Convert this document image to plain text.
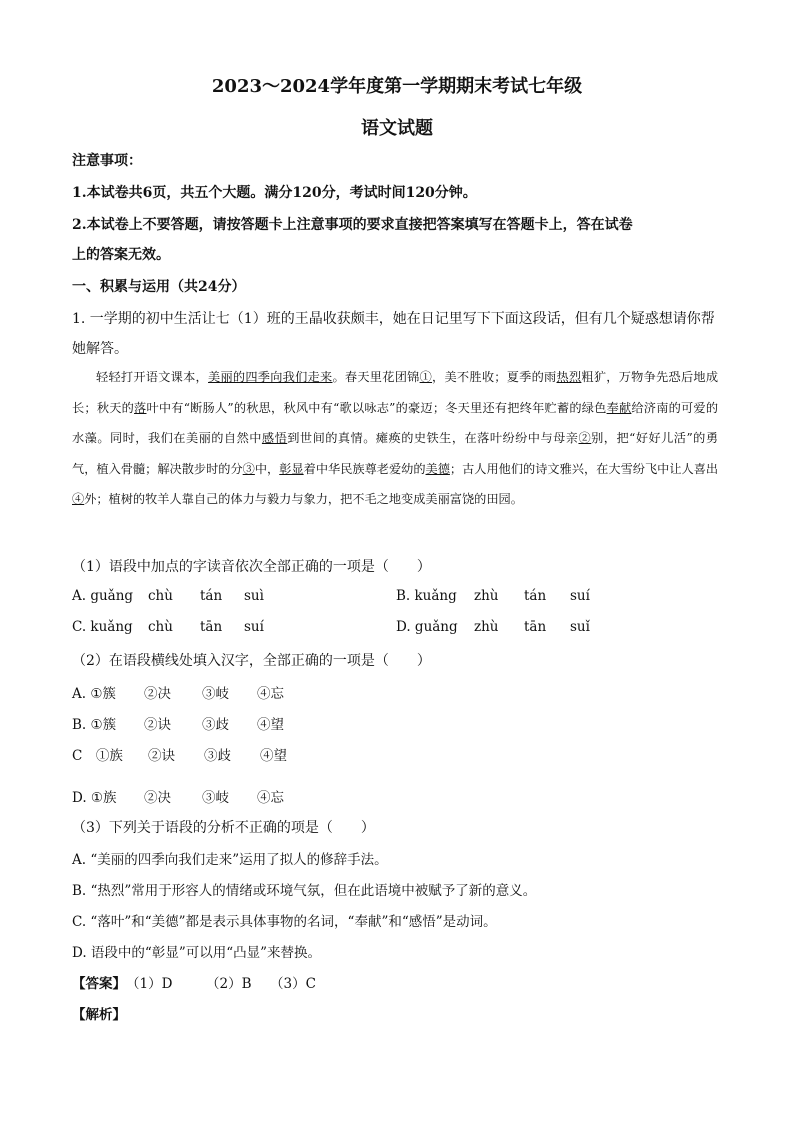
2023～2024学年度第一学期期末考试七年级
语文试题
注意事项：
1.本试卷共6页，共五个大题。满分120分，考试时间120分钟。
2.本试卷上不要答题，请按答题卡上注意事项的要求直接把答案填写在答题卡上，答在试卷
上的答案无效。
一、积累与运用（共24分）
1. 一学期的初中生活让七（1）班的王晶收获颇丰，她在日记里写下下面这段话，但有几个疑惑想请你帮
她解答。
轻轻打开语文课本，美丽的四季向我们走来。春天里花团锦①，美不胜收；夏季的雨热烈粗犷，万物争先恐后地成长；秋天的落叶中有“断肠人”的秋思，秋风中有“歌以咏志”的豪迈；冬天里还有把终年贮蓄的绿色奉献给济南的可爱的水藻。同时，我们在美丽的自然中感悟到世间的真情。瘫痪的史铁生，在落叶纷纷中与母亲②别，把“好好儿活”的勇气，植入骨髓；解决散步时的分③中，彰显着中华民族尊老爱幼的美德；古人用他们的诗文雅兴，在大雪纷飞中让人喜出④外；植树的牧羊人靠自己的体力与毅力与象力，把不毛之地变成美丽富饶的田园。
（1）语段中加点的字读音依次全部正确的一项是（　　）
A. guǎng chù tán suì	B. kuǎng zhù tán suí
C. kuǎng chù tān suí	D. guǎng zhù tān suǐ
（2）在语段横线处填入汉字，全部正确的一项是（　　）
A. ①簇 ②决 ③岐 ④忘
B. ①簇 ②诀 ③歧 ④望
C　①族 ②诀 ③歧 ④望
D. ①族 ②决 ③岐 ④忘
（3）下列关于语段的分析不正确的项是（　　）
A. “美丽的四季向我们走来”运用了拟人的修辞手法。
B. “热烈”常用于形容人的情绪或环境气氛，但在此语境中被赋予了新的意义。
C. “落叶”和“美德”都是表示具体事物的名词，“奉献”和“感悟”是动词。
D. 语段中的“彰显”可以用“凸显”来替换。
【答案】（1）D （2）B （3）C
【解析】
